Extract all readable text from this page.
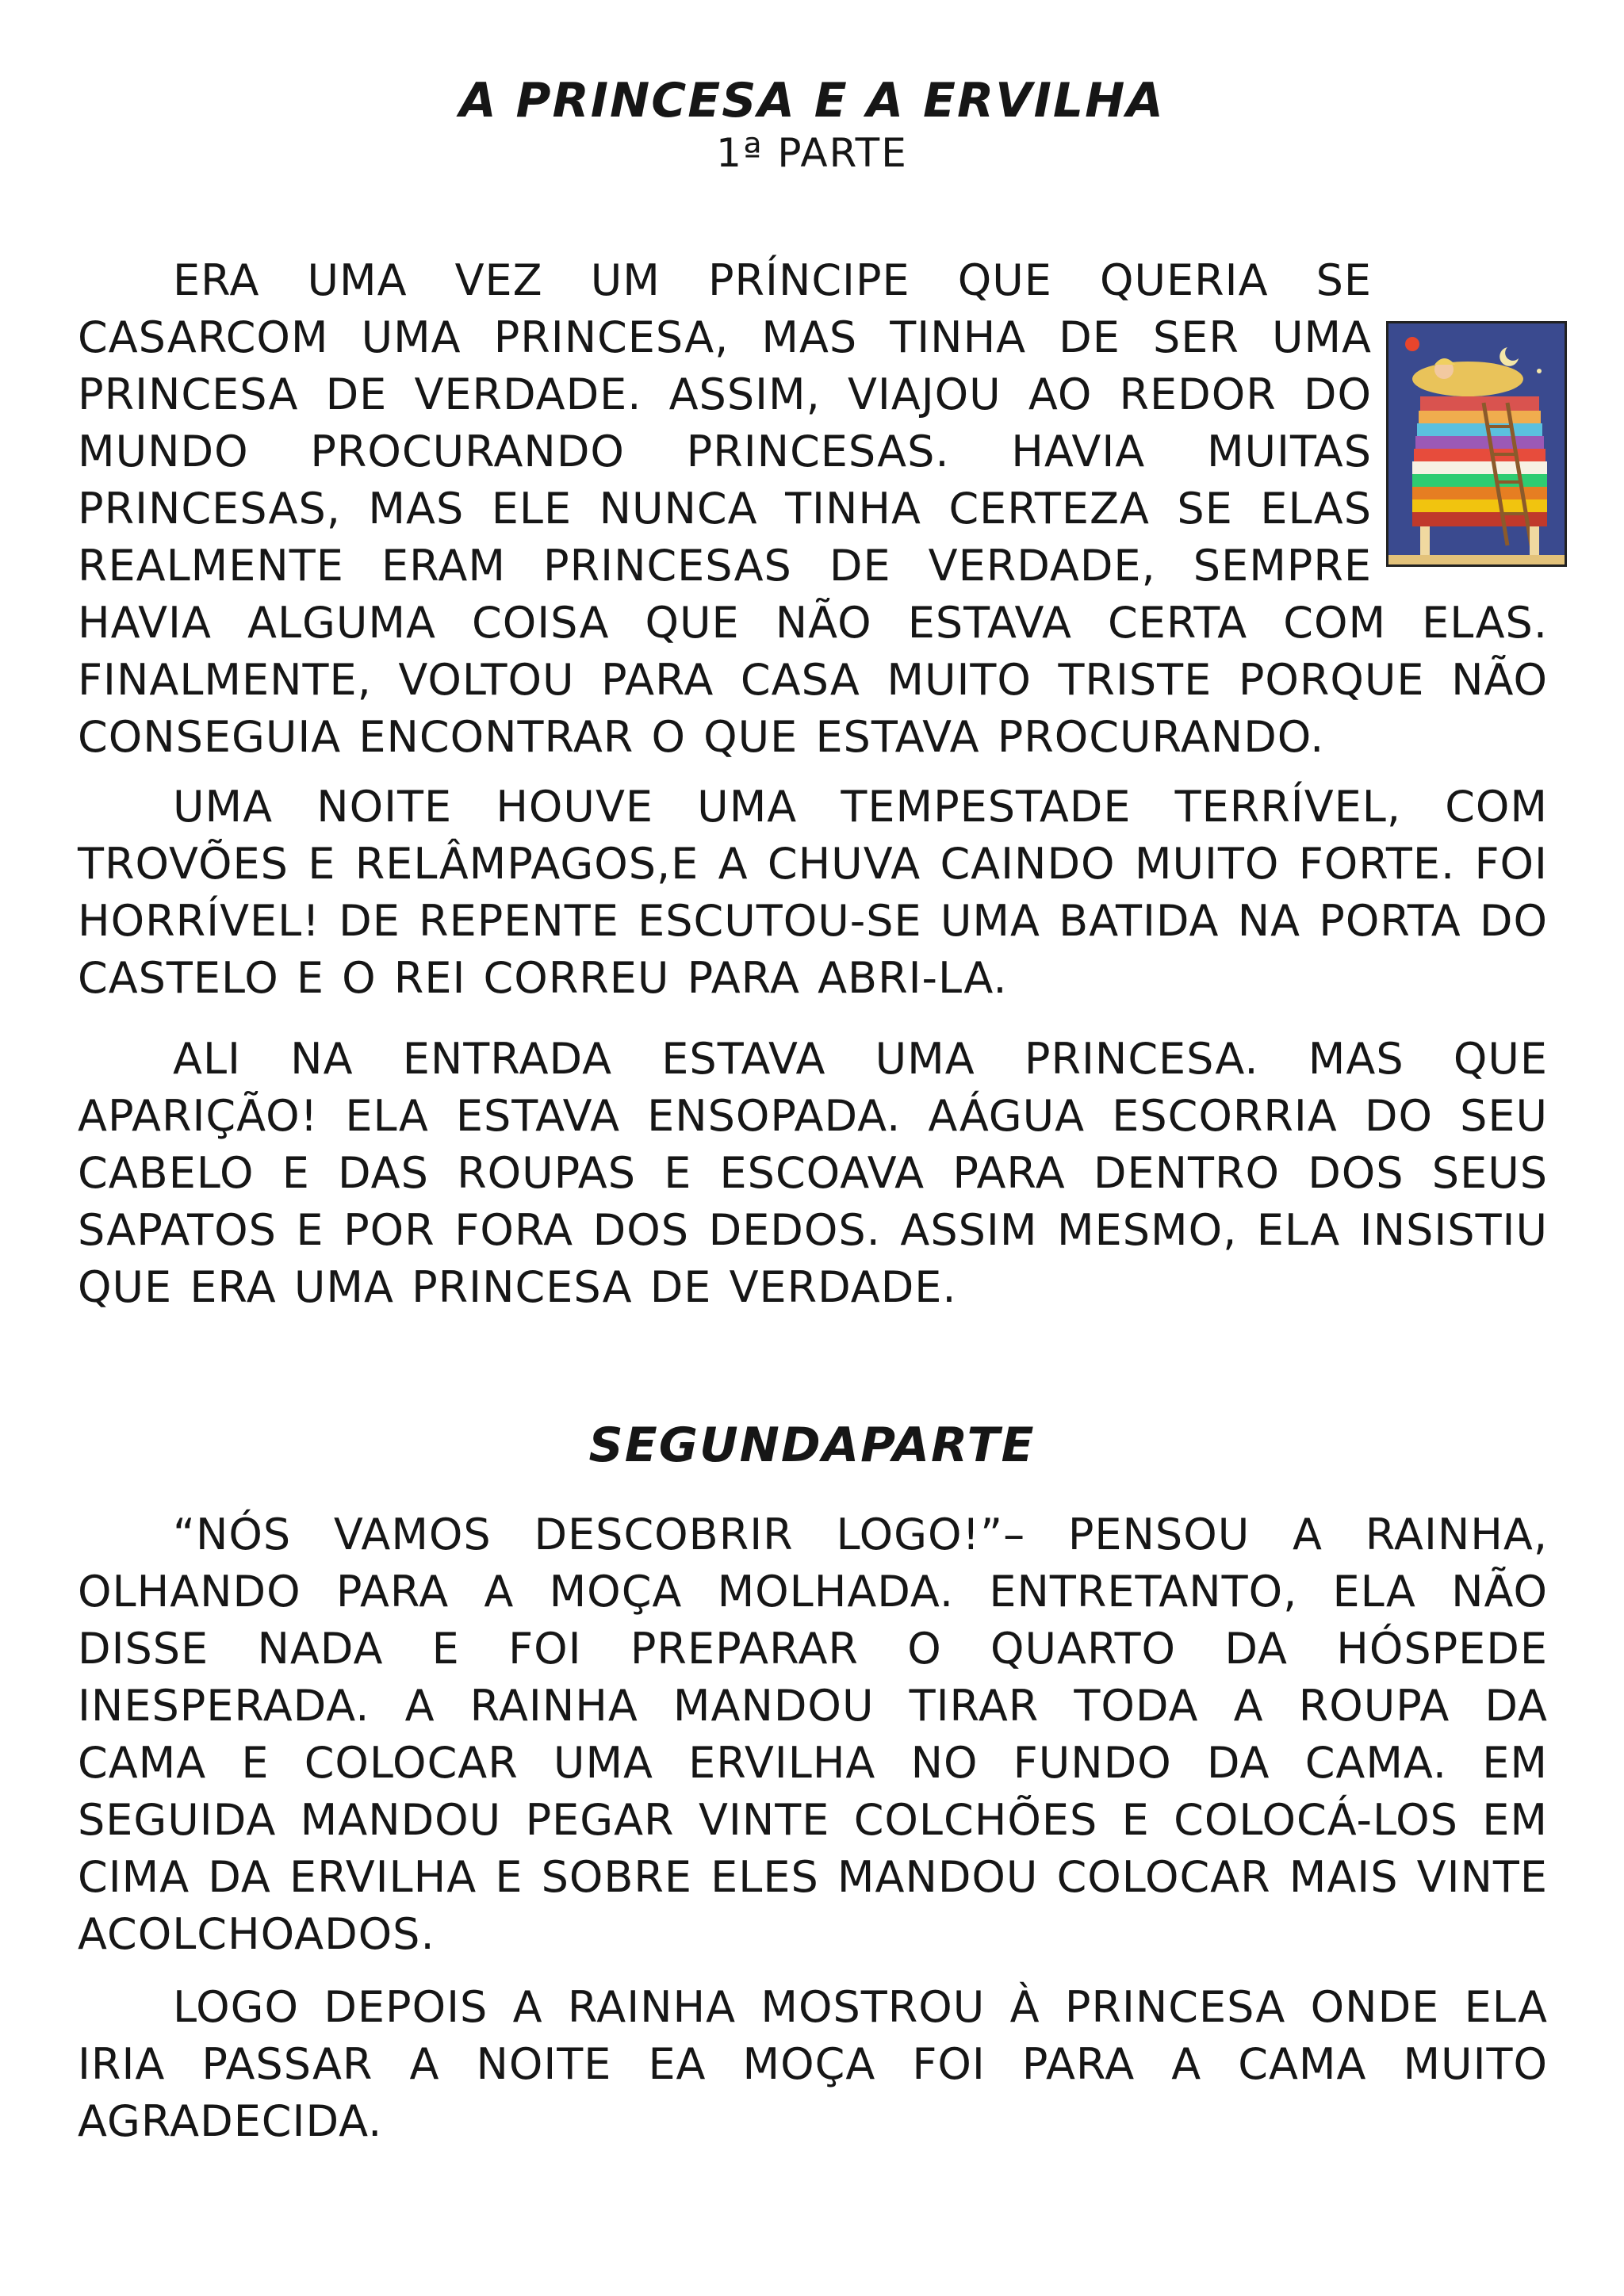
A PRINCESA E A ERVILHA
1ª PARTE

ERA UMA VEZ UM PRÍNCIPE QUE QUERIA SE CASARCOM UMA PRINCESA, MAS TINHA DE SER UMA PRINCESA DE VERDADE. ASSIM, VIAJOU AO REDOR DO MUNDO PROCURANDO PRINCESAS. HAVIA MUITAS PRINCESAS, MAS ELE NUNCA TINHA CERTEZA SE ELAS REALMENTE ERAM PRINCESAS DE VERDADE, SEMPRE HAVIA ALGUMA COISA QUE NÃO ESTAVA CERTA COM ELAS. FINALMENTE, VOLTOU PARA CASA MUITO TRISTE PORQUE NÃO CONSEGUIA ENCONTRAR O QUE ESTAVA PROCURANDO.

UMA NOITE HOUVE UMA TEMPESTADE TERRÍVEL, COM TROVÕES E RELÂMPAGOS,E A CHUVA CAINDO MUITO FORTE. FOI HORRÍVEL! DE REPENTE ESCUTOU-SE UMA BATIDA NA PORTA DO CASTELO E O REI CORREU PARA ABRI-LA.

ALI NA ENTRADA ESTAVA UMA PRINCESA. MAS QUE APARIÇÃO! ELA ESTAVA ENSOPADA. AÁGUA ESCORRIA DO SEU CABELO E DAS ROUPAS E ESCOAVA PARA DENTRO DOS SEUS SAPATOS E POR FORA DOS DEDOS. ASSIM MESMO, ELA INSISTIU QUE ERA UMA PRINCESA DE VERDADE.

SEGUNDAPARTE

“NÓS VAMOS DESCOBRIR LOGO!”– PENSOU A RAINHA, OLHANDO PARA A MOÇA MOLHADA. ENTRETANTO, ELA NÃO DISSE NADA E FOI PREPARAR O QUARTO DA HÓSPEDE INESPERADA. A RAINHA MANDOU TIRAR TODA A ROUPA DA CAMA E COLOCAR UMA ERVILHA NO FUNDO DA CAMA. EM SEGUIDA MANDOU PEGAR VINTE COLCHÕES E COLOCÁ-LOS EM CIMA DA ERVILHA E SOBRE ELES MANDOU COLOCAR MAIS VINTE ACOLCHOADOS.

LOGO DEPOIS A RAINHA MOSTROU À PRINCESA ONDE ELA IRIA PASSAR A NOITE EA MOÇA FOI PARA A CAMA MUITO AGRADECIDA.
